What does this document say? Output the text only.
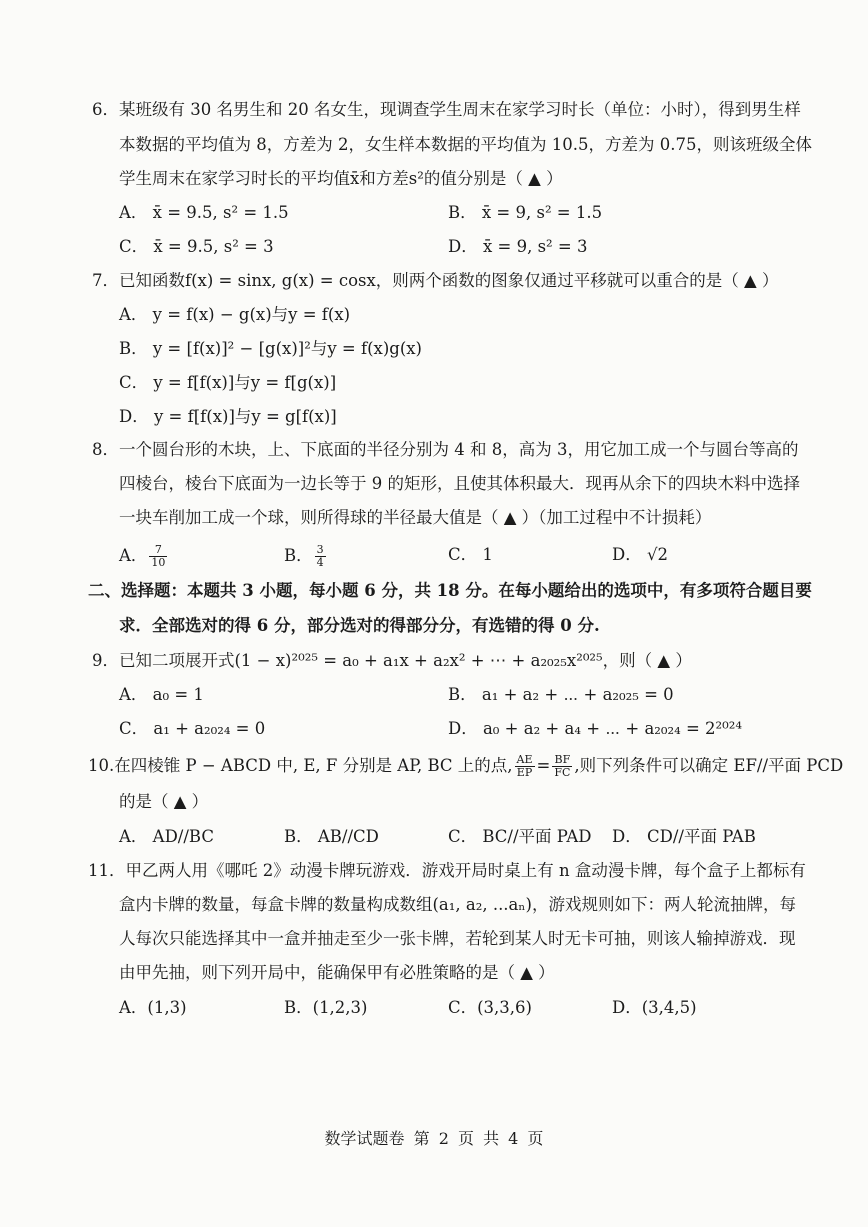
6．某班级有 30 名男生和 20 名女生，现调查学生周末在家学习时长（单位：小时），得到男生样
本数据的平均值为 8，方差为 2，女生样本数据的平均值为 10.5，方差为 0.75，则该班级全体
学生周末在家学习时长的平均值x̄和方差s²的值分别是（ ▲ ）
A． x̄ = 9.5, s² = 1.5	B． x̄ = 9, s² = 1.5
C． x̄ = 9.5, s² = 3	D． x̄ = 9, s² = 3
7．已知函数f(x) = sinx, g(x) = cosx，则两个函数的图象仅通过平移就可以重合的是（ ▲ ）
A． y = f(x) − g(x)与y = f(x)
B． y = [f(x)]² − [g(x)]²与y = f(x)g(x)
C． y = f[f(x)]与y = f[g(x)]
D． y = f[f(x)]与y = g[f(x)]
8．一个圆台形的木块，上、下底面的半径分别为 4 和 8，高为 3，用它加工成一个与圆台等高的
四棱台，棱台下底面为一边长等于 9 的矩形，且使其体积最大．现再从余下的四块木料中选择
一块车削加工成一个球，则所得球的半径最大值是（ ▲ ）（加工过程中不计损耗）
A． $\frac{7}{10}$	B． $\frac{3}{4}$	C． 1	D． √2
二、选择题：本题共 3 小题，每小题 6 分，共 18 分。在每小题给出的选项中，有多项符合题目要
求．全部选对的得 6 分，部分选对的得部分分，有选错的得 0 分.
9．已知二项展开式(1 − x)²⁰²⁵ = a₀ + a₁x + a₂x² + ⋯ + a₂₀₂₅x²⁰²⁵，则（ ▲ ）
A． a₀ = 1	B． a₁ + a₂ + ⋯ + a₂₀₂₅ = 0
C． a₁ + a₂₀₂₄ = 0	D． a₀ + a₂ + a₄ + ⋯ + a₂₀₂₄ = 2²⁰²⁴
10.在四棱锥 P − ABCD 中, E, F 分别是 AP, BC 上的点, $\frac{AE}{EP} = \frac{BF}{FC}$ ,则下列条件可以确定 EF//平面 PCD
的是（ ▲ ）
A． AD//BC	B． AB//CD	C． BC//平面 PAD D． CD//平面 PAB
11．甲乙两人用《哪吒 2》动漫卡牌玩游戏．游戏开局时桌上有 n 盒动漫卡牌，每个盒子上都标有
盒内卡牌的数量，每盒卡牌的数量构成数组(a₁, a₂, ...aₙ)，游戏规则如下：两人轮流抽牌，每
人每次只能选择其中一盒并抽走至少一张卡牌，若轮到某人时无卡可抽，则该人输掉游戏．现
由甲先抽，则下列开局中，能确保甲有必胜策略的是（ ▲ ）
A．(1,3)	B．(1,2,3)	C．(3,3,6)	D．(3,4,5)
数学试题卷 第 2 页 共 4 页
